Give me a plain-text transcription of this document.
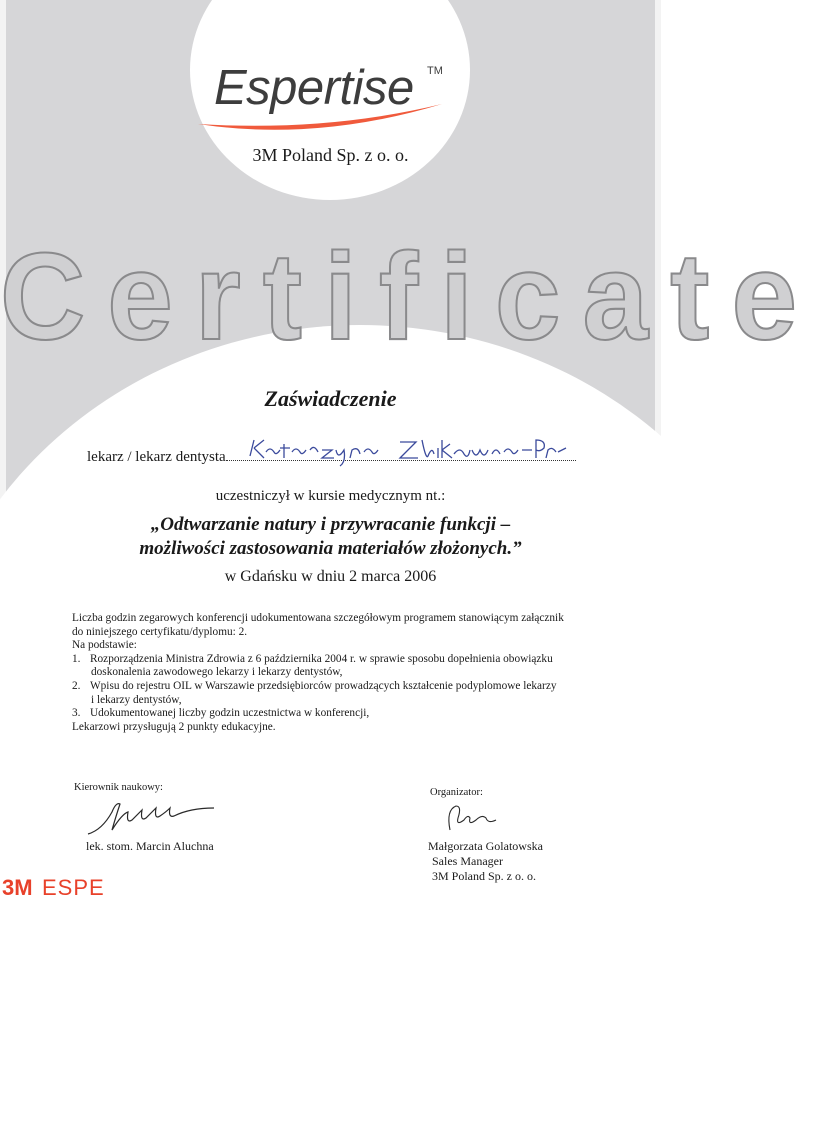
Espertise TM
3M Poland Sp. z o. o.
Certificate
Zaświadczenie
lekarz / lekarz dentysta
uczestniczył w kursie medycznym nt.:
„Odtwarzanie natury i przywracanie funkcji –
możliwości zastosowania materiałów złożonych.”
w Gdańsku w dniu 2 marca 2006
Liczba godzin zegarowych konferencji udokumentowana szczegółowym programem stanowiącym załącznik
do niniejszego certyfikatu/dyplomu: 2.
Na podstawie:
1. Rozporządzenia Ministra Zdrowia z 6 października 2004 r. w sprawie sposobu dopełnienia obowiązku
doskonalenia zawodowego lekarzy i lekarzy dentystów,
2. Wpisu do rejestru OIL w Warszawie przedsiębiorców prowadzących kształcenie podyplomowe lekarzy
i lekarzy dentystów,
3. Udokumentowanej liczby godzin uczestnictwa w konferencji,
Lekarzowi przysługują 2 punkty edukacyjne.
Kierownik naukowy:
lek. stom. Marcin Aluchna
Organizator:
Małgorzata Golatowska
Sales Manager
3M Poland Sp. z o. o.
3M ESPE
